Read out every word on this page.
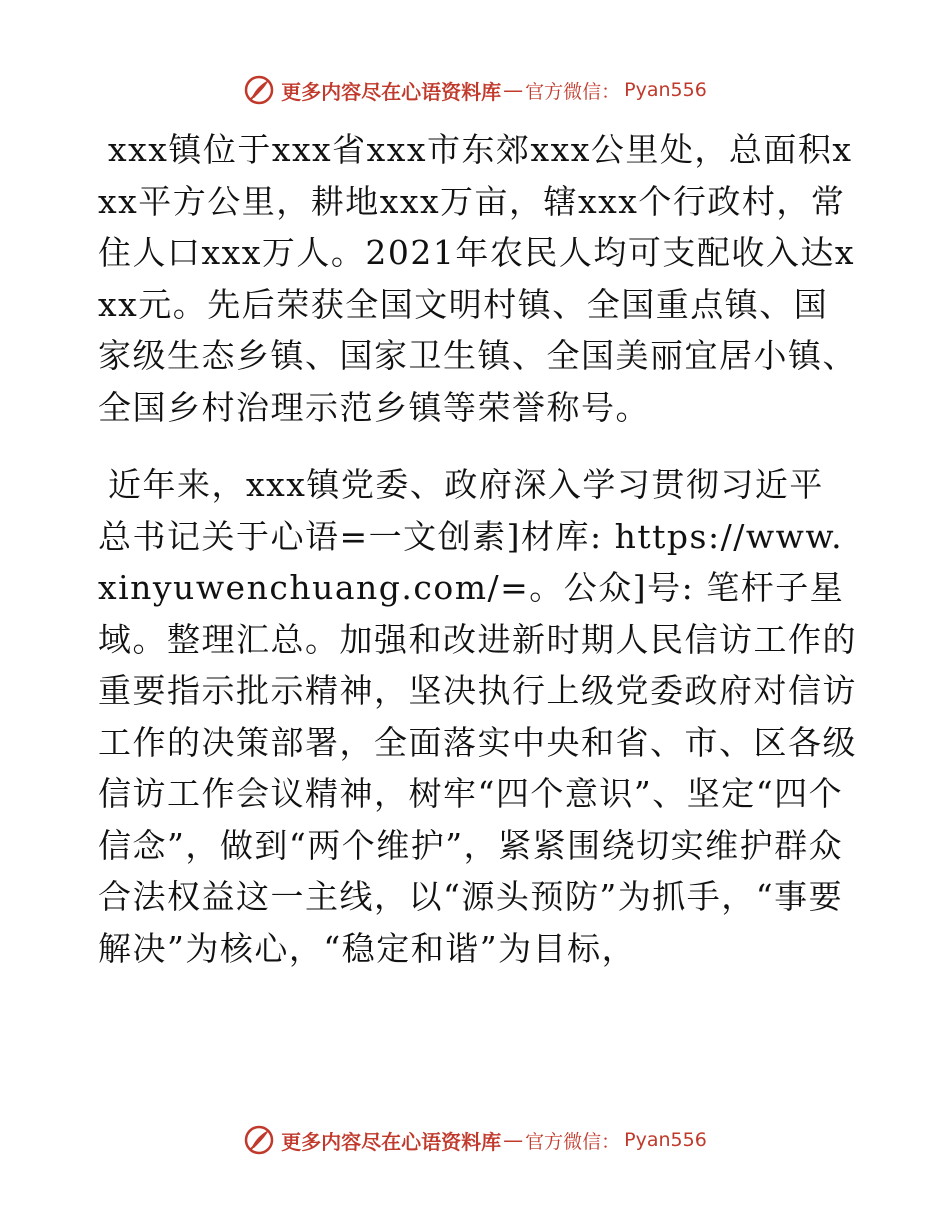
更多内容尽在心语资料库 — 官方微信： Pyan556

xxx镇位于xxx省xxx市东郊xxx公里处，总面积xxx平方公里，耕地xxx万亩，辖xxx个行政村，常住人口xxx万人。2021年农民人均可支配收入达xxx元。先后荣获全国文明村镇、全国重点镇、国家级生态乡镇、国家卫生镇、全国美丽宜居小镇、全国乡村治理示范乡镇等荣誉称号。

近年来，xxx镇党委、政府深入学习贯彻习近平总书记关于心语=一文创素]材库: https://www.xinyuwenchuang.com/=。公众]号: 笔杆子星域。整理汇总。加强和改进新时期人民信访工作的重要指示批示精神，坚决执行上级党委政府对信访工作的决策部署，全面落实中央和省、市、区各级信访工作会议精神，树牢“四个意识”、坚定“四个信念”，做到“两个维护”，紧紧围绕切实维护群众合法权益这一主线，以“源头预防”为抓手，“事要解决”为核心，“稳定和谐”为目标，

更多内容尽在心语资料库 — 官方微信： Pyan556
